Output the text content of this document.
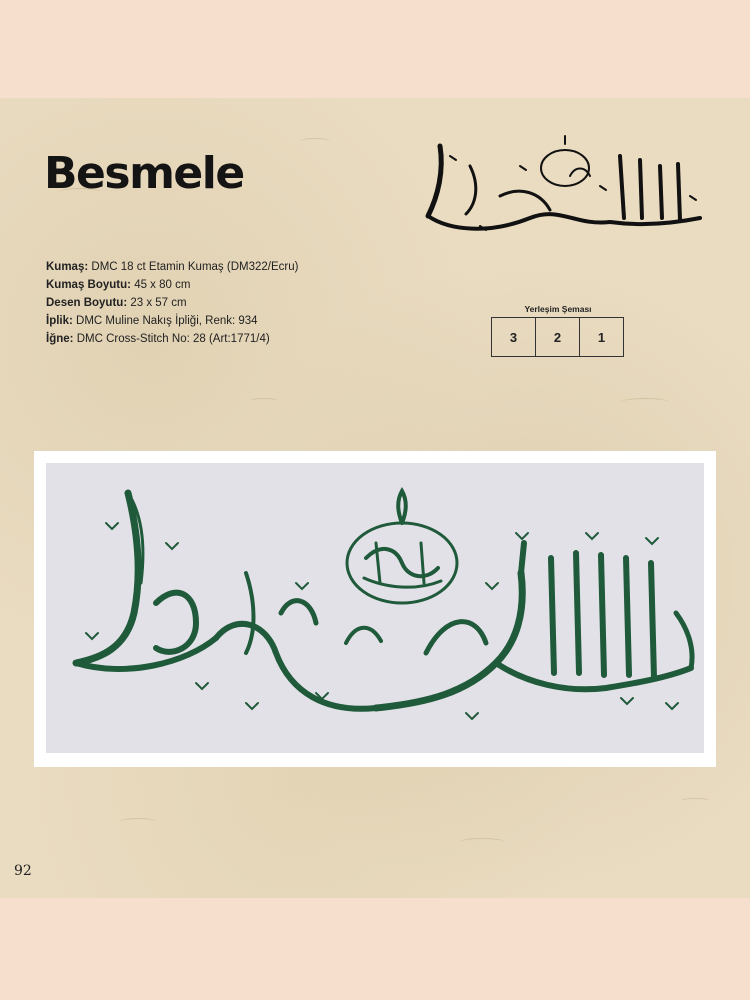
Besmele
Kumaş: DMC 18 ct Etamin Kumaş (DM322/Ecru)
Kumaş Boyutu: 45 x 80 cm
Desen Boyutu: 23 x 57 cm
İplik: DMC Muline Nakış İpliği, Renk: 934
İğne: DMC Cross-Stitch No: 28 (Art:1771/4)
Yerleşim Şeması
3	2	1
92
